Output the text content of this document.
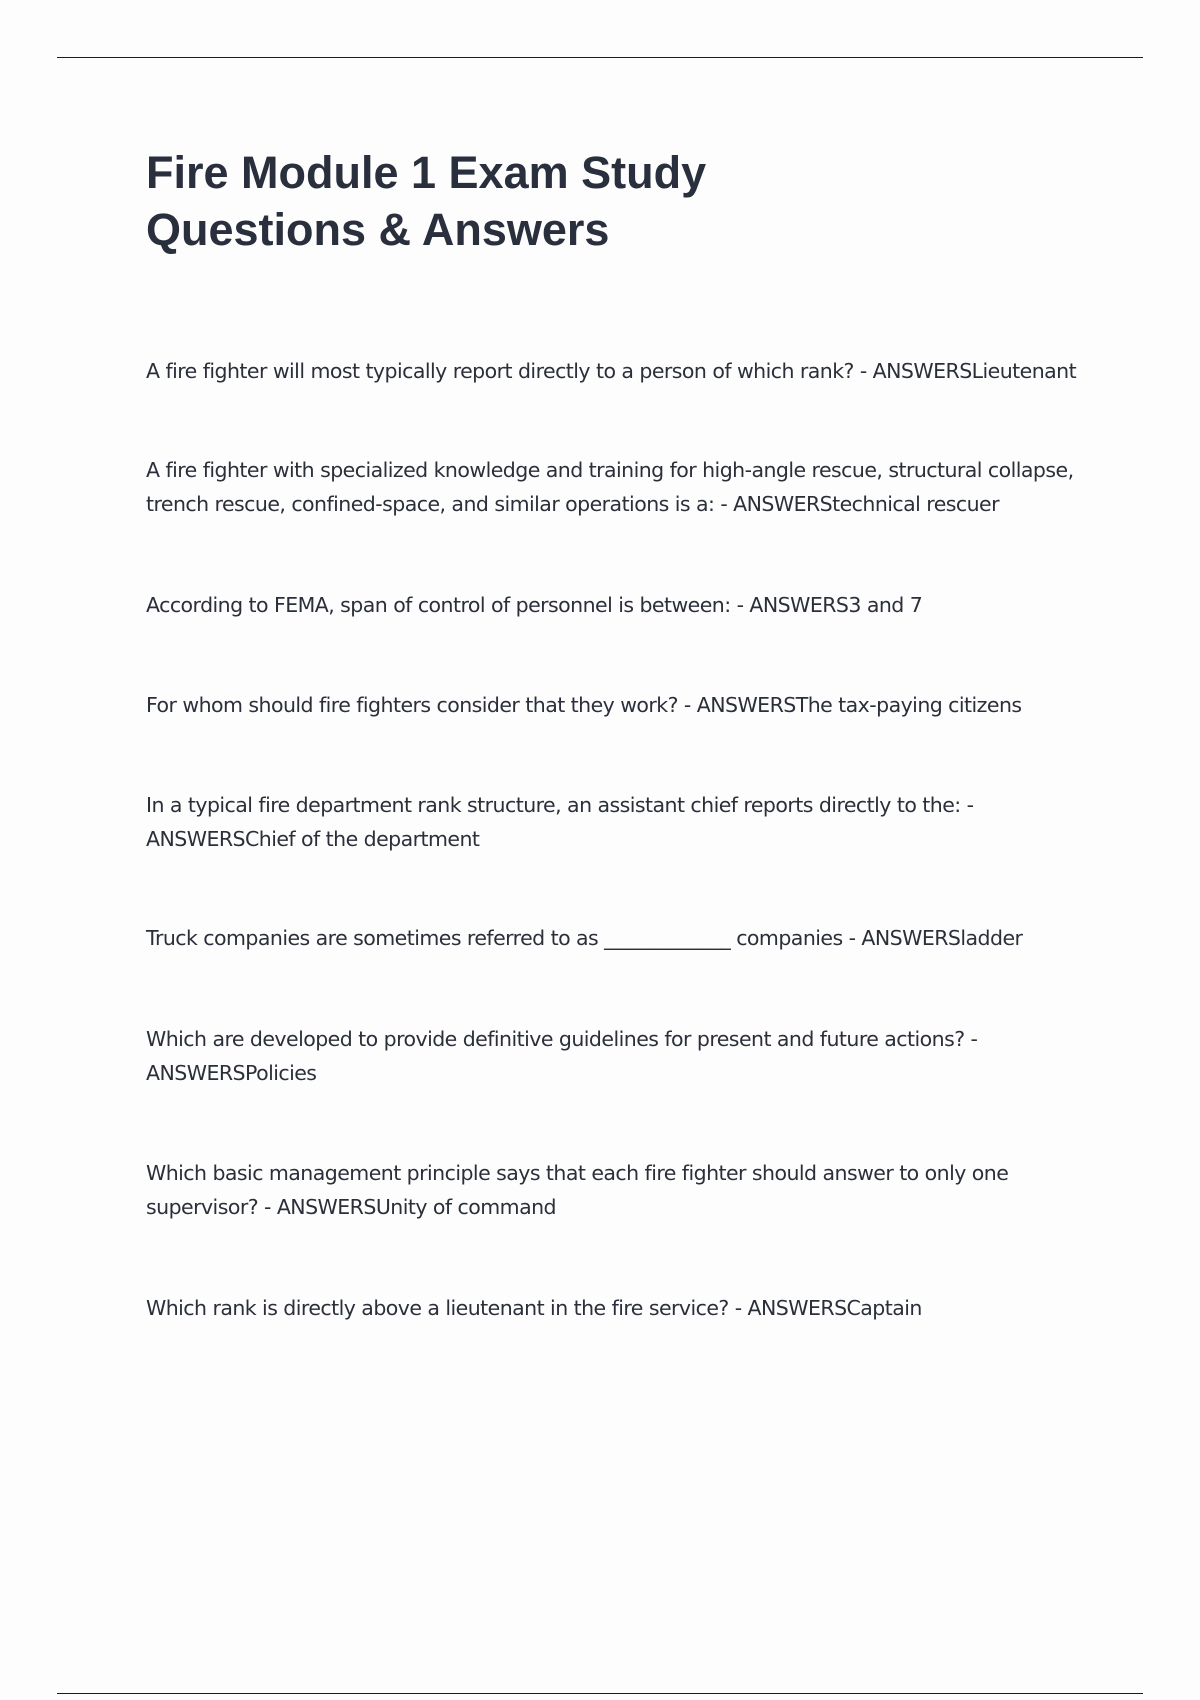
Fire Module 1 Exam Study
Questions & Answers
A fire fighter will most typically report directly to a person of which rank? - ANSWERSLieutenant
A fire fighter with specialized knowledge and training for high-angle rescue, structural collapse,
trench rescue, confined-space, and similar operations is a: - ANSWERStechnical rescuer
According to FEMA, span of control of personnel is between: - ANSWERS3 and 7
For whom should fire fighters consider that they work? - ANSWERSThe tax-paying citizens
In a typical fire department rank structure, an assistant chief reports directly to the: -
ANSWERSChief of the department
Truck companies are sometimes referred to as _____________ companies - ANSWERSladder
Which are developed to provide definitive guidelines for present and future actions? -
ANSWERSPolicies
Which basic management principle says that each fire fighter should answer to only one
supervisor? - ANSWERSUnity of command
Which rank is directly above a lieutenant in the fire service? - ANSWERSCaptain
